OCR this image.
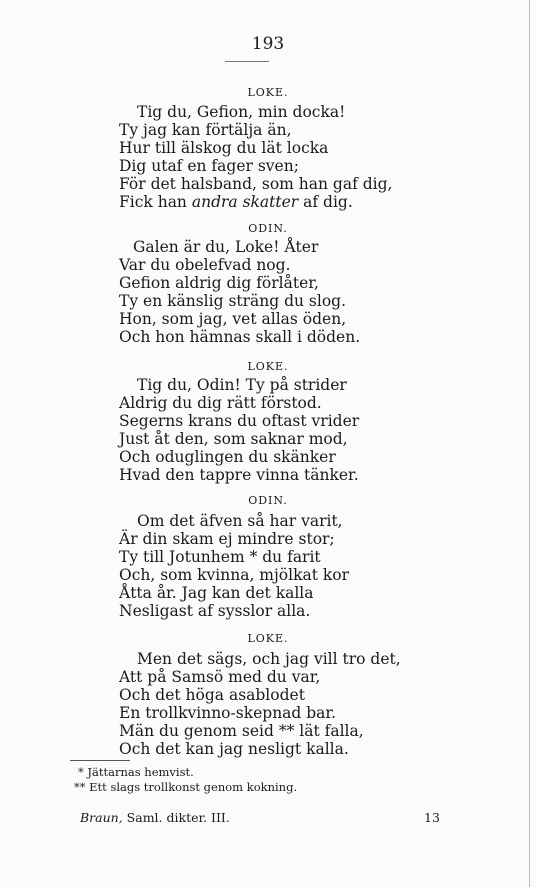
193
LOKE.
Tig du, Gefion, min docka!
Ty jag kan förtälja än,
Hur till älskog du lät locka
Dig utaf en fager sven;
För det halsband, som han gaf dig,
Fick han andra skatter af dig.
ODIN.
Galen är du, Loke! Åter
Var du obelefvad nog.
Gefion aldrig dig förlåter,
Ty en känslig sträng du slog.
Hon, som jag, vet allas öden,
Och hon hämnas skall i döden.
LOKE.
Tig du, Odin! Ty på strider
Aldrig du dig rätt förstod.
Segerns krans du oftast vrider
Just åt den, som saknar mod,
Och oduglingen du skänker
Hvad den tappre vinna tänker.
ODIN.
Om det äfven så har varit,
Är din skam ej mindre stor;
Ty till Jotunhem * du farit
Och, som kvinna, mjölkat kor
Åtta år. Jag kan det kalla
Nesligast af sysslor alla.
LOKE.
Men det sägs, och jag vill tro det,
Att på Samsö med du var,
Och det höga asablodet
En trollkvinno-skepnad bar.
Män du genom seid ** lät falla,
Och det kan jag nesligt kalla.
* Jättarnas hemvist.
** Ett slags trollkonst genom kokning.
Braun, Saml. dikter. III.	13
